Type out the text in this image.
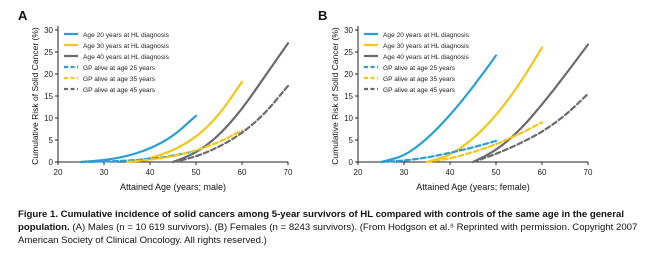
A
0
5
10
15
20
25
30
20	30	40	50	60	70
Attained Age (years; male)
Cumulative Risk of Solid Cancer (%)	Age 20 years at HL diagnosis
Age 30 years at HL diagnosis
Age 40 years at HL diagnosis
GP alive at age 25 years
GP alive at age 35 years
GP alive at age 45 years
B
0
5
10
15
20
25
30
20	30	40	50	60	70
Attained Age (years; female)
Cumulative Risk of Solid Cancer (%)	Age 20 years at HL diagnosis
Age 30 years at HL diagnosis
Age 40 years at HL diagnosis
GP alive at age 25 years
GP alive at age 35 years
GP alive at age 45 years
Figure 1. Cumulative incidence of solid cancers among 5-year survivors of HL compared with controls of the same age in the general population. (A) Males (n = 10 619 survivors). (B) Females (n = 8243 survivors). (From Hodgson et al.⁸ Reprinted with permission. Copyright 2007 American Society of Clinical Oncology. All rights reserved.)
